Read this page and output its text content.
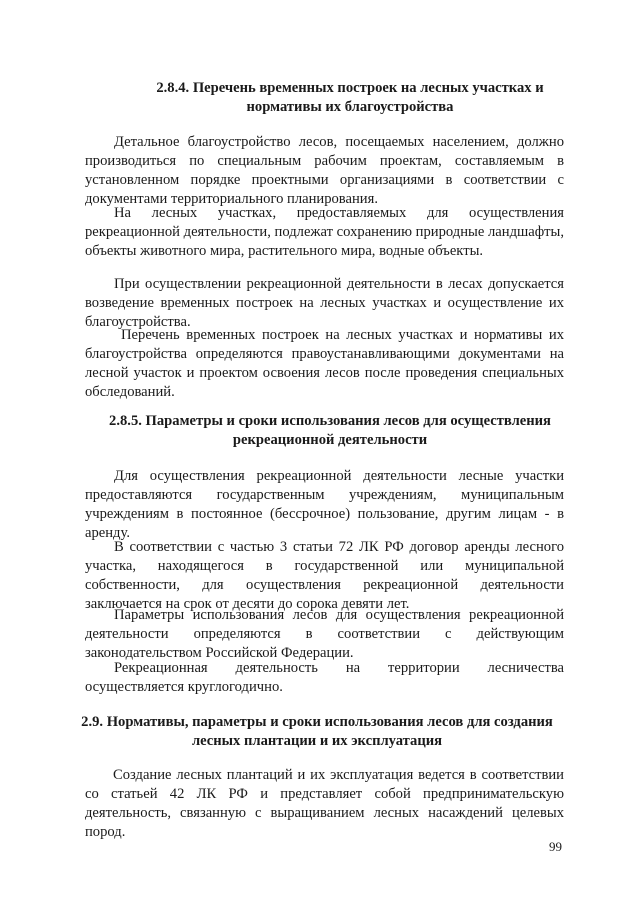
2.8.4. Перечень временных построек на лесных участках и
нормативы их благоустройства

Детальное благоустройство лесов, посещаемых населением, должно производиться по специальным рабочим проектам, составляемым в установленном порядке проектными организациями в соответствии с документами территориального планирования.

На лесных участках, предоставляемых для осуществления рекреационной деятельности, подлежат сохранению природные ландшафты, объекты животного мира, растительного мира, водные объекты.

При осуществлении рекреационной деятельности в лесах допускается возведение временных построек на лесных участках и осуществление их благоустройства.

Перечень временных построек на лесных участках и нормативы их благоустройства определяются правоустанавливающими документами на лесной участок и проектом освоения лесов после проведения специальных обследований.

2.8.5. Параметры и сроки использования лесов для осуществления
рекреационной деятельности

Для осуществления рекреационной деятельности лесные участки предоставляются государственным учреждениям, муниципальным учреждениям в постоянное (бессрочное) пользование, другим лицам - в аренду.

В соответствии с частью 3 статьи 72 ЛК РФ договор аренды лесного участка, находящегося в государственной или муниципальной собственности, для осуществления рекреационной деятельности заключается на срок от десяти до сорока девяти лет.

Параметры использования лесов для осуществления рекреационной деятельности определяются в соответствии с действующим законодательством Российской Федерации.

Рекреационная деятельность на территории лесничества осуществляется круглогодично.

2.9. Нормативы, параметры и сроки использования лесов для создания
лесных плантации и их эксплуатация

Создание лесных плантаций и их эксплуатация ведется в соответствии со статьей 42 ЛК РФ и представляет собой предпринимательскую деятельность, связанную с выращиванием лесных насаждений целевых пород.

99
